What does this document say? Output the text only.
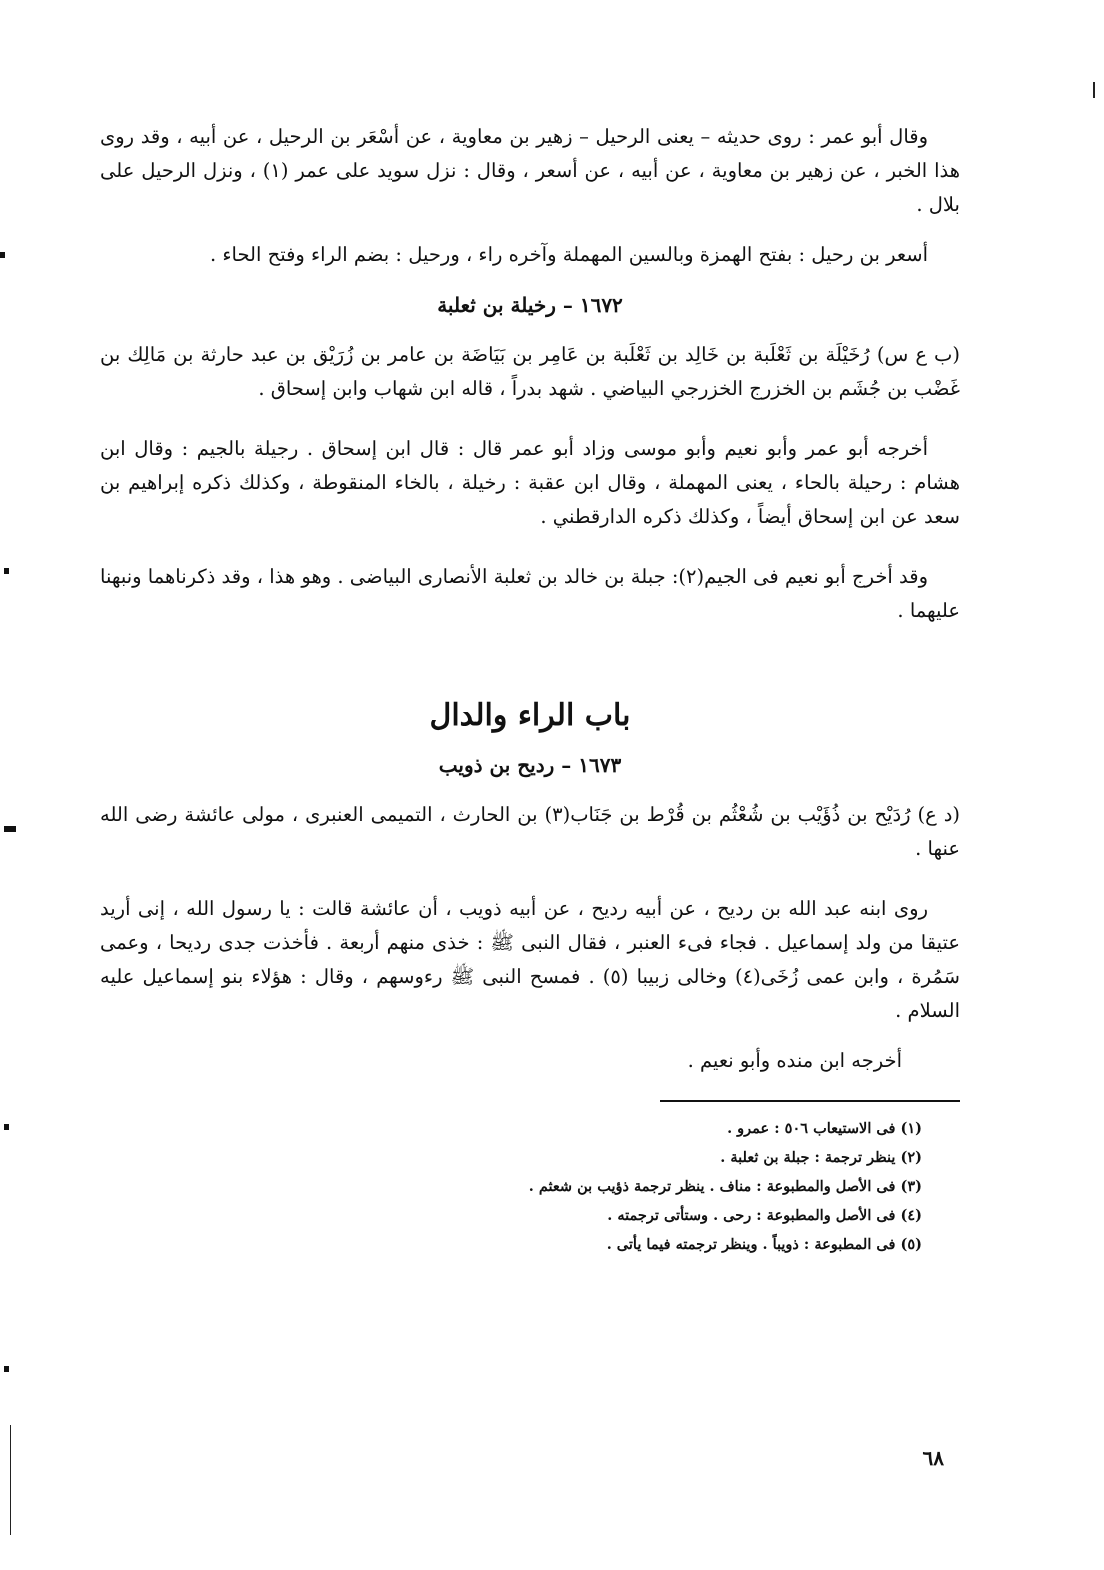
وقال أبو عمر : روى حديثه – يعنى الرحيل – زهير بن معاوية ، عن أسْعَر بن الرحيل ، عن أبيه ، وقد روى هذا الخبر ، عن زهير بن معاوية ، عن أبيه ، عن أسعر ، وقال : نزل سويد على عمر (١) ، ونزل الرحيل على بلال .

أسعر بن رحيل : بفتح الهمزة وبالسين المهملة وآخره راء ، ورحيل : بضم الراء وفتح الحاء .

١٦٧٢ – رخيلة بن ثعلبة

(ب ع س) رُخَيْلَة بن ثَعْلَبة بن خَالِد بن ثَعْلَبة بن عَامِر بن بَيَاضَة بن عامر بن زُرَيْق بن عبد حارثة بن مَالِك بن غَضْب بن جُشَم بن الخزرج الخزرجي البياضي . شهد بدراً ، قاله ابن شهاب وابن إسحاق .

أخرجه أبو عمر وأبو نعيم وأبو موسى وزاد أبو عمر قال : قال ابن إسحاق . رجيلة بالجيم : وقال ابن هشام : رحيلة بالحاء ، يعنى المهملة ، وقال ابن عقبة : رخيلة ، بالخاء المنقوطة ، وكذلك ذكره إبراهيم بن سعد عن ابن إسحاق أيضاً ، وكذلك ذكره الدارقطني .

وقد أخرج أبو نعيم فى الجيم(٢): جبلة بن خالد بن ثعلبة الأنصارى البياضى . وهو هذا ، وقد ذكرناهما ونبهنا عليهما .

باب الراء والدال
١٦٧٣ – رديح بن ذويب

(د ع) رُدَيْح بن ذُؤَيْب بن شُعْثُم بن قُرْط بن جَنَاب(٣) بن الحارث ، التميمى العنبرى ، مولى عائشة رضى الله عنها .

روى ابنه عبد الله بن رديح ، عن أبيه رديح ، عن أبيه ذويب ، أن عائشة قالت : يا رسول الله ، إنى أريد عتيقا من ولد إسماعيل . فجاء فىء العنبر ، فقال النبى ﷺ : خذى منهم أربعة . فأخذت جدى رديحا ، وعمى سَمُرة ، وابن عمى زُخَى(٤) وخالى زبيبا (٥) . فمسح النبى ﷺ رءوسهم ، وقال : هؤلاء بنو إسماعيل عليه السلام .

أخرجه ابن منده وأبو نعيم .

(١) فى الاستيعاب ٥٠٦ : عمرو .
(٢) ينظر ترجمة : جبلة بن ثعلبة .
(٣) فى الأصل والمطبوعة : مناف . ينظر ترجمة ذؤيب بن شعثم .
(٤) فى الأصل والمطبوعة : رحى . وستأتى ترجمته .
(٥) فى المطبوعة : ذويباً . وينظر ترجمته فيما يأتى .
٦٨
